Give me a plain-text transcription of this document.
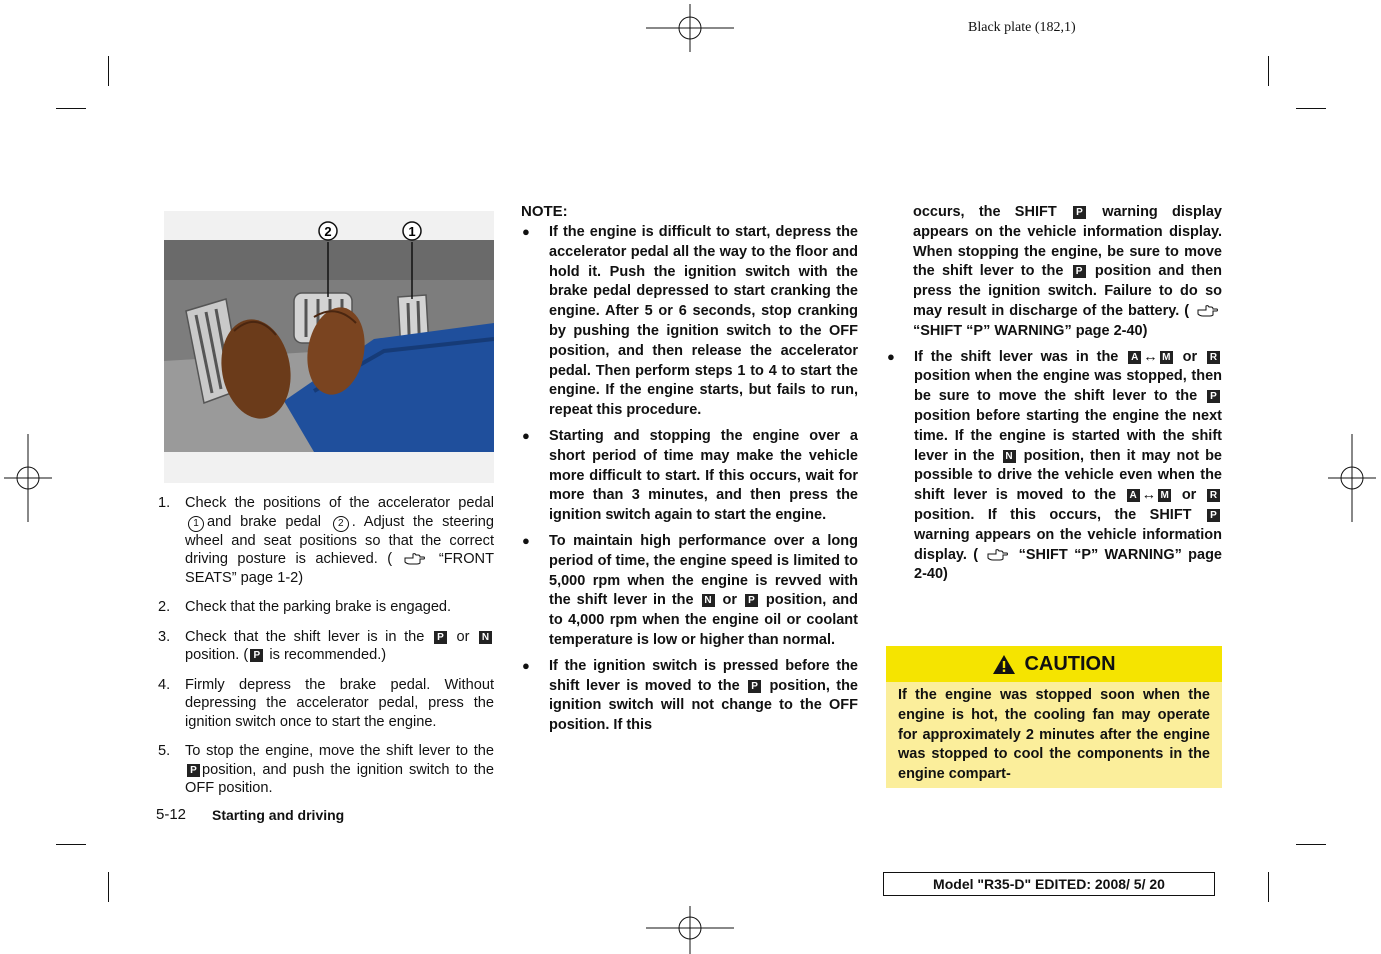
Black plate (182,1)
2	1
1. Check the positions of the accelerator pedal 1 and brake pedal 2 . Adjust the steering wheel and seat positions so that the correct driving posture is achieved. (	“FRONT SEATS” page 1-2)
2. Check that the parking brake is engaged.
3. Check that the shift lever is in the P or N position. ( P is recommended.)
4. Firmly depress the brake pedal. Without depressing the accelerator pedal, press the ignition switch once to start the engine.
5. To stop the engine, move the shift lever to the P position, and push the ignition switch to the OFF position.
NOTE:
● If the engine is difficult to start, depress the accelerator pedal all the way to the floor and hold it. Push the ignition switch with the brake pedal depressed to start cranking the engine. After 5 or 6 seconds, stop cranking by pushing the ignition switch to the OFF position, and then release the accelerator pedal. Then perform steps 1 to 4 to start the engine. If the engine starts, but fails to run, repeat this procedure.
● Starting and stopping the engine over a short period of time may make the vehicle more difficult to start. If this occurs, wait for more than 3 minutes, and then press the ignition switch again to start the engine.
● To maintain high performance over a long period of time, the engine speed is limited to 5,000 rpm when the engine is revved with the shift lever in the N or P position, and to 4,000 rpm when the engine oil or coolant temperature is low or higher than normal.
● If the ignition switch is pressed before the shift lever is moved to the P position, the ignition switch will not change to the OFF position. If this
occurs, the SHIFT P warning display appears on the vehicle information display. When stopping the engine, be sure to move the shift lever to the P position and then press the ignition switch. Failure to do so may result in discharge of the battery. (  “SHIFT “P” WARNING” page 2-40)
● If the shift lever was in the A ↔ M or R position when the engine was stopped, then be sure to move the shift lever to the P position before starting the engine the next time. If the engine is started with the shift lever in the N position, then it may not be possible to drive the vehicle even when the shift lever is moved to the A ↔ M or R position. If this occurs, the SHIFT P warning appears on the vehicle information display. (	“SHIFT “P” WARNING” page 2-40)
CAUTION
If the engine was stopped soon when the engine is hot, the cooling fan may operate for approximately 2 minutes after the engine was stopped to cool the components in the engine compart-
5-12 Starting and driving
Model "R35-D" EDITED: 2008/ 5/ 20
